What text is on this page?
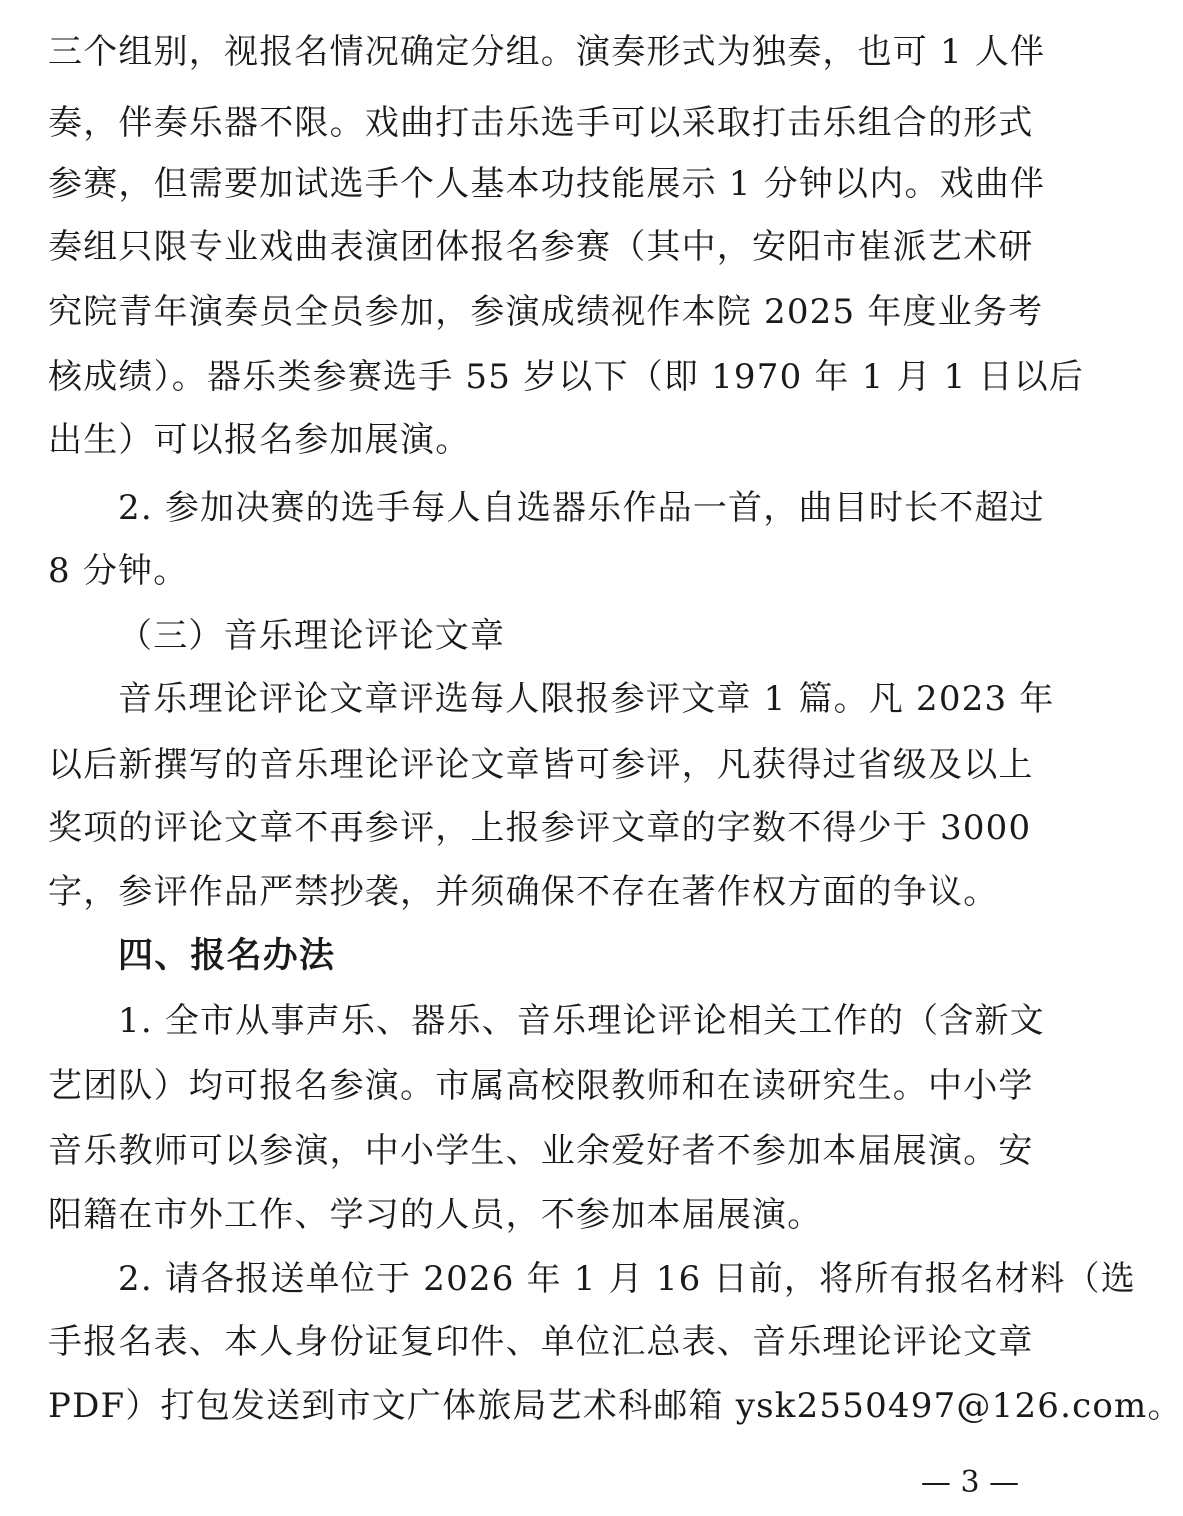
三个组别，视报名情况确定分组。演奏形式为独奏，也可 1 人伴
奏，伴奏乐器不限。戏曲打击乐选手可以采取打击乐组合的形式
参赛，但需要加试选手个人基本功技能展示 1 分钟以内。戏曲伴
奏组只限专业戏曲表演团体报名参赛（其中，安阳市崔派艺术研
究院青年演奏员全员参加，参演成绩视作本院 2025 年度业务考
核成绩）。器乐类参赛选手 55 岁以下（即 1970 年 1 月 1 日以后
出生）可以报名参加展演。
2. 参加决赛的选手每人自选器乐作品一首，曲目时长不超过
8 分钟。
（三）音乐理论评论文章
音乐理论评论文章评选每人限报参评文章 1 篇。凡 2023 年
以后新撰写的音乐理论评论文章皆可参评，凡获得过省级及以上
奖项的评论文章不再参评，上报参评文章的字数不得少于 3000
字，参评作品严禁抄袭，并须确保不存在著作权方面的争议。
四、报名办法
1. 全市从事声乐、器乐、音乐理论评论相关工作的（含新文
艺团队）均可报名参演。市属高校限教师和在读研究生。中小学
音乐教师可以参演，中小学生、业余爱好者不参加本届展演。安
阳籍在市外工作、学习的人员，不参加本届展演。
2. 请各报送单位于 2026 年 1 月 16 日前，将所有报名材料（选
手报名表、本人身份证复印件、单位汇总表、音乐理论评论文章
PDF）打包发送到市文广体旅局艺术科邮箱 ysk2550497@126.com。
— 3 —
